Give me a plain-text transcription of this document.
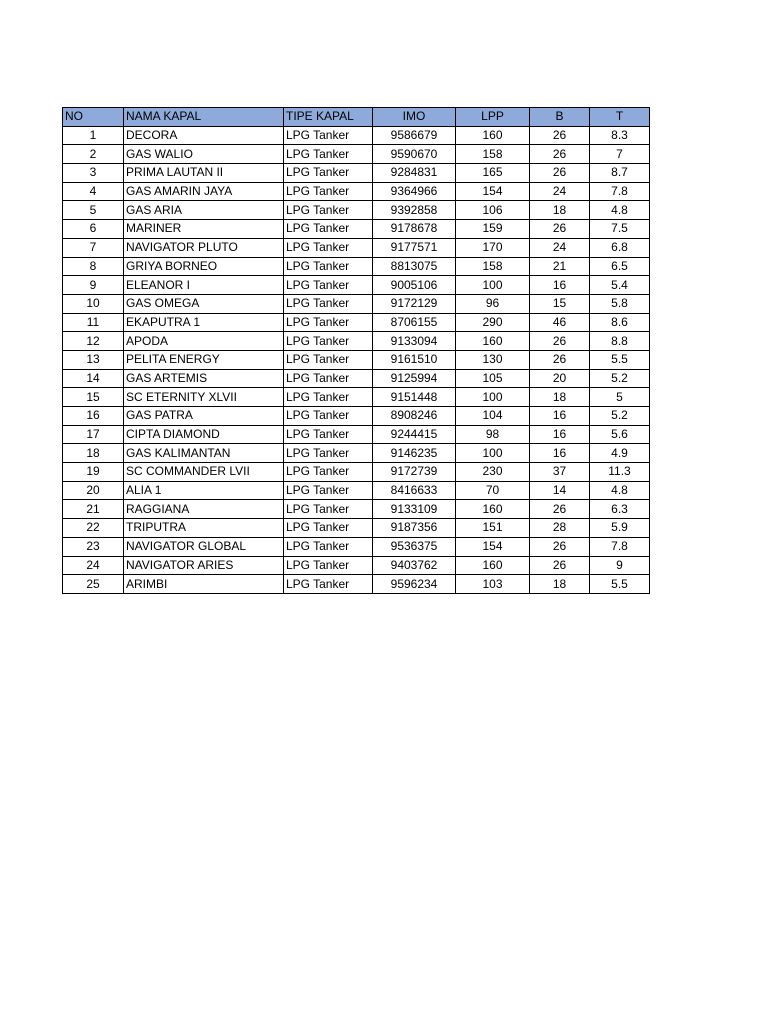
NO	NAMA KAPAL	TIPE KAPAL	IMO	LPP	B	T
1	DECORA	LPG Tanker	9586679	160	26	8.3
2	GAS WALIO	LPG Tanker	9590670	158	26	7
3	PRIMA LAUTAN II	LPG Tanker	9284831	165	26	8.7
4	GAS AMARIN JAYA	LPG Tanker	9364966	154	24	7.8
5	GAS ARIA	LPG Tanker	9392858	106	18	4.8
6	MARINER	LPG Tanker	9178678	159	26	7.5
7	NAVIGATOR PLUTO	LPG Tanker	9177571	170	24	6.8
8	GRIYA BORNEO	LPG Tanker	8813075	158	21	6.5
9	ELEANOR I	LPG Tanker	9005106	100	16	5.4
10	GAS OMEGA	LPG Tanker	9172129	96	15	5.8
11	EKAPUTRA 1	LPG Tanker	8706155	290	46	8.6
12	APODA	LPG Tanker	9133094	160	26	8.8
13	PELITA ENERGY	LPG Tanker	9161510	130	26	5.5
14	GAS ARTEMIS	LPG Tanker	9125994	105	20	5.2
15	SC ETERNITY XLVII	LPG Tanker	9151448	100	18	5
16	GAS PATRA	LPG Tanker	8908246	104	16	5.2
17	CIPTA DIAMOND	LPG Tanker	9244415	98	16	5.6
18	GAS KALIMANTAN	LPG Tanker	9146235	100	16	4.9
19	SC COMMANDER LVII	LPG Tanker	9172739	230	37	11.3
20	ALIA 1	LPG Tanker	8416633	70	14	4.8
21	RAGGIANA	LPG Tanker	9133109	160	26	6.3
22	TRIPUTRA	LPG Tanker	9187356	151	28	5.9
23	NAVIGATOR GLOBAL	LPG Tanker	9536375	154	26	7.8
24	NAVIGATOR ARIES	LPG Tanker	9403762	160	26	9
25	ARIMBI	LPG Tanker	9596234	103	18	5.5
